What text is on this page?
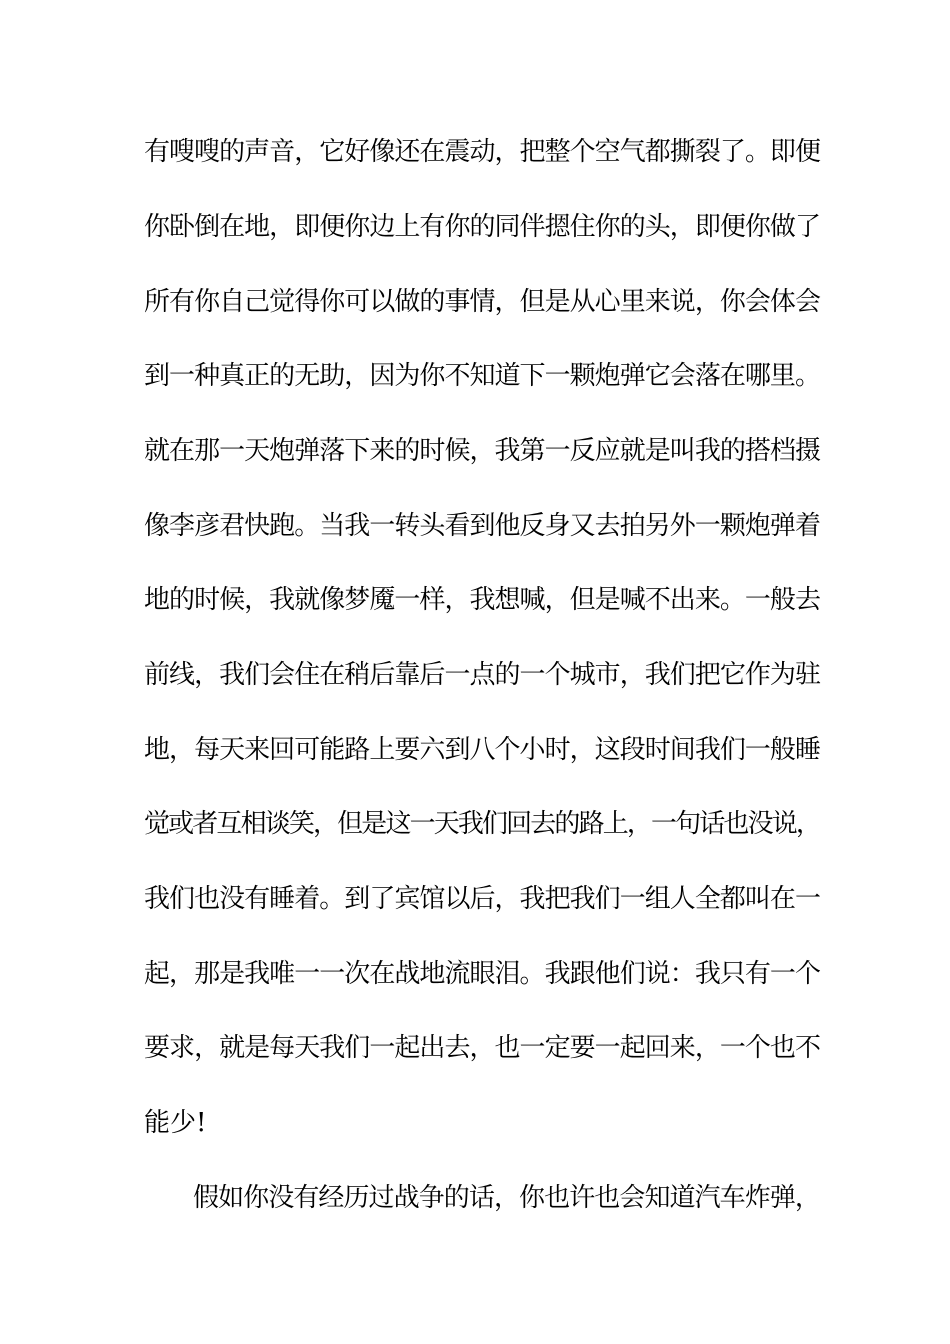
有嗖嗖的声音，它好像还在震动，把整个空气都撕裂了。即便
你卧倒在地，即便你边上有你的同伴摁住你的头，即便你做了
所有你自己觉得你可以做的事情，但是从心里来说，你会体会
到一种真正的无助，因为你不知道下一颗炮弹它会落在哪里。
就在那一天炮弹落下来的时候，我第一反应就是叫我的搭档摄
像李彦君快跑。当我一转头看到他反身又去拍另外一颗炮弹着
地的时候，我就像梦魇一样，我想喊，但是喊不出来。一般去
前线，我们会住在稍后靠后一点的一个城市，我们把它作为驻
地，每天来回可能路上要六到八个小时，这段时间我们一般睡
觉或者互相谈笑，但是这一天我们回去的路上，一句话也没说，
我们也没有睡着。到了宾馆以后，我把我们一组人全都叫在一
起，那是我唯一一次在战地流眼泪。我跟他们说：我只有一个
要求，就是每天我们一起出去，也一定要一起回来，一个也不
能少!
假如你没有经历过战争的话，你也许也会知道汽车炸弹，
